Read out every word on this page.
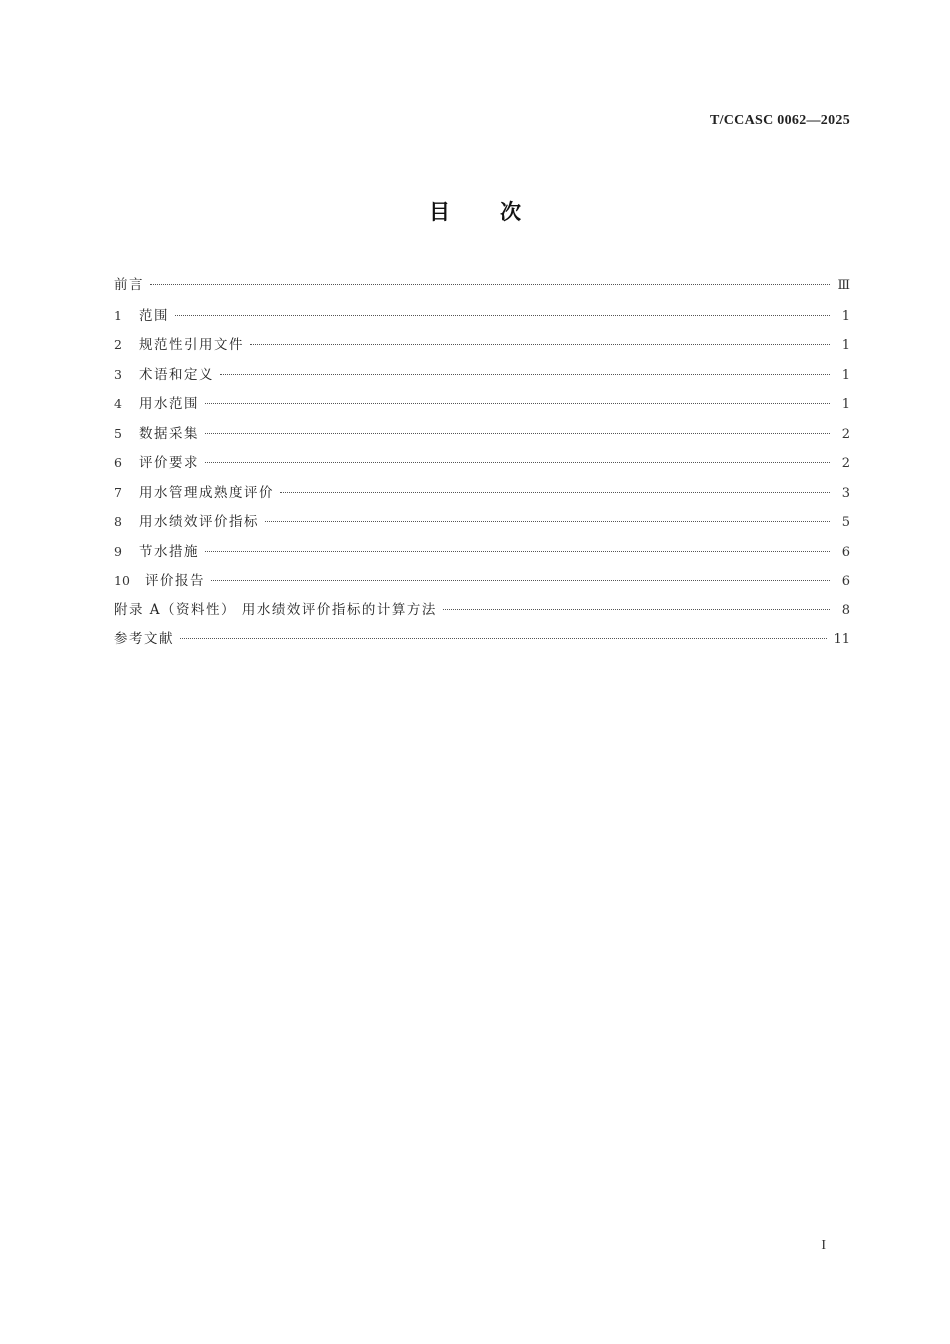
T/CCASC 0062—2025
目次
前言	Ⅲ
1	范围	1
2	规范性引用文件	1
3	术语和定义	1
4	用水范围	1
5	数据采集	2
6	评价要求	2
7	用水管理成熟度评价	3
8	用水绩效评价指标	5
9	节水措施	6
10	评价报告	6
附录 A（资料性） 用水绩效评价指标的计算方法	8
参考文献	11
I
